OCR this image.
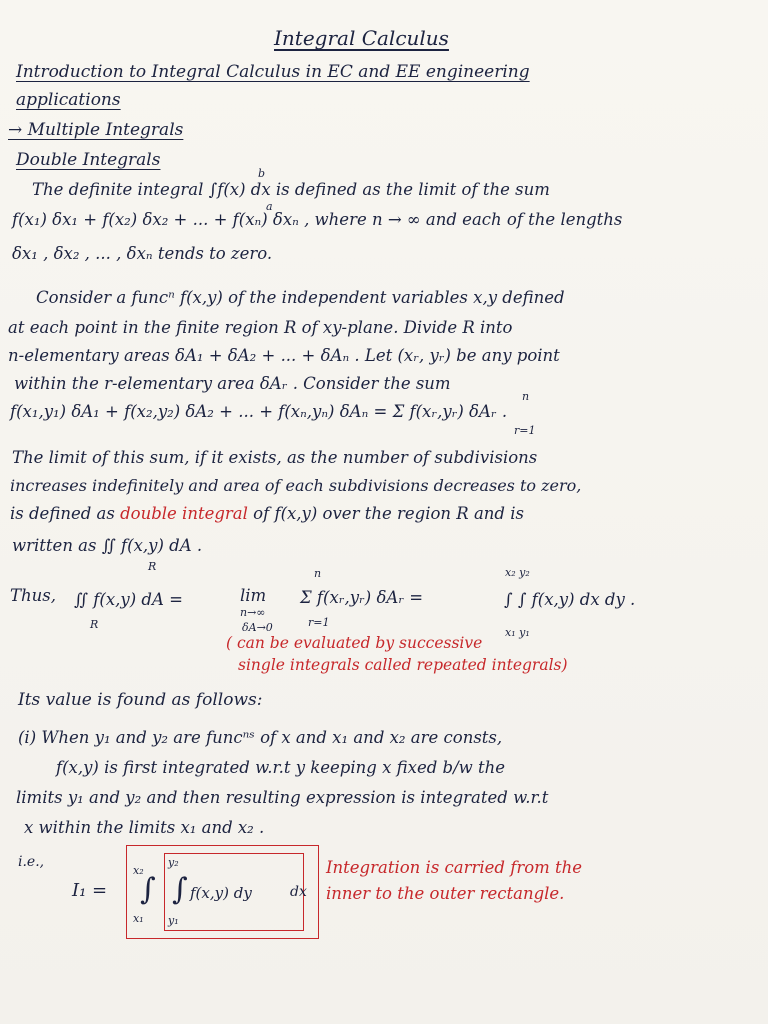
Integral Calculus
Introduction to Integral Calculus in EC and EE engineering
applications
→ Multiple Integrals
Double Integrals
b
a
The definite integral ∫f(x) dx is defined as the limit of the sum
f(x₁) δx₁ + f(x₂) δx₂ + ... + f(xₙ) δxₙ , where n → ∞ and each of the lengths
δx₁ , δx₂ , ... , δxₙ tends to zero.
Consider a funcⁿ f(x,y) of the independent variables x,y defined
at each point in the finite region R of xy-plane. Divide R into
n-elementary areas δA₁ + δA₂ + ... + δAₙ . Let (xᵣ, yᵣ) be any point
within the r-elementary area δAᵣ . Consider the sum
n
f(x₁,y₁) δA₁ + f(x₂,y₂) δA₂ + ... + f(xₙ,yₙ) δAₙ = Σ f(xᵣ,yᵣ) δAᵣ .
r=1
The limit of this sum, if it exists, as the number of subdivisions
increases indefinitely and area of each subdivisions decreases to zero,
is defined as double integral of f(x,y) over the region R and is
written as ∬ f(x,y) dA .
R
Thus, ∬ f(x,y) dA =
R
lim
n→∞
δA→0
n
Σ f(xᵣ,yᵣ) δAᵣ =
r=1
x₂ y₂
∫ ∫ f(x,y) dx dy .
x₁ y₁
( can be evaluated by successive
single integrals called repeated integrals)
Its value is found as follows:
(i) When y₁ and y₂ are funcⁿˢ of x and x₁ and x₂ are consts,
f(x,y) is first integrated w.r.t y keeping x fixed b/w the
limits y₁ and y₂ and then resulting expression is integrated w.r.t
x within the limits x₁ and x₂ .
i.e.,
I₁ =
x₂
∫
x₁
y₂
∫
y₁
f(x,y) dy	dx
Integration is carried from the
inner to the outer rectangle.
